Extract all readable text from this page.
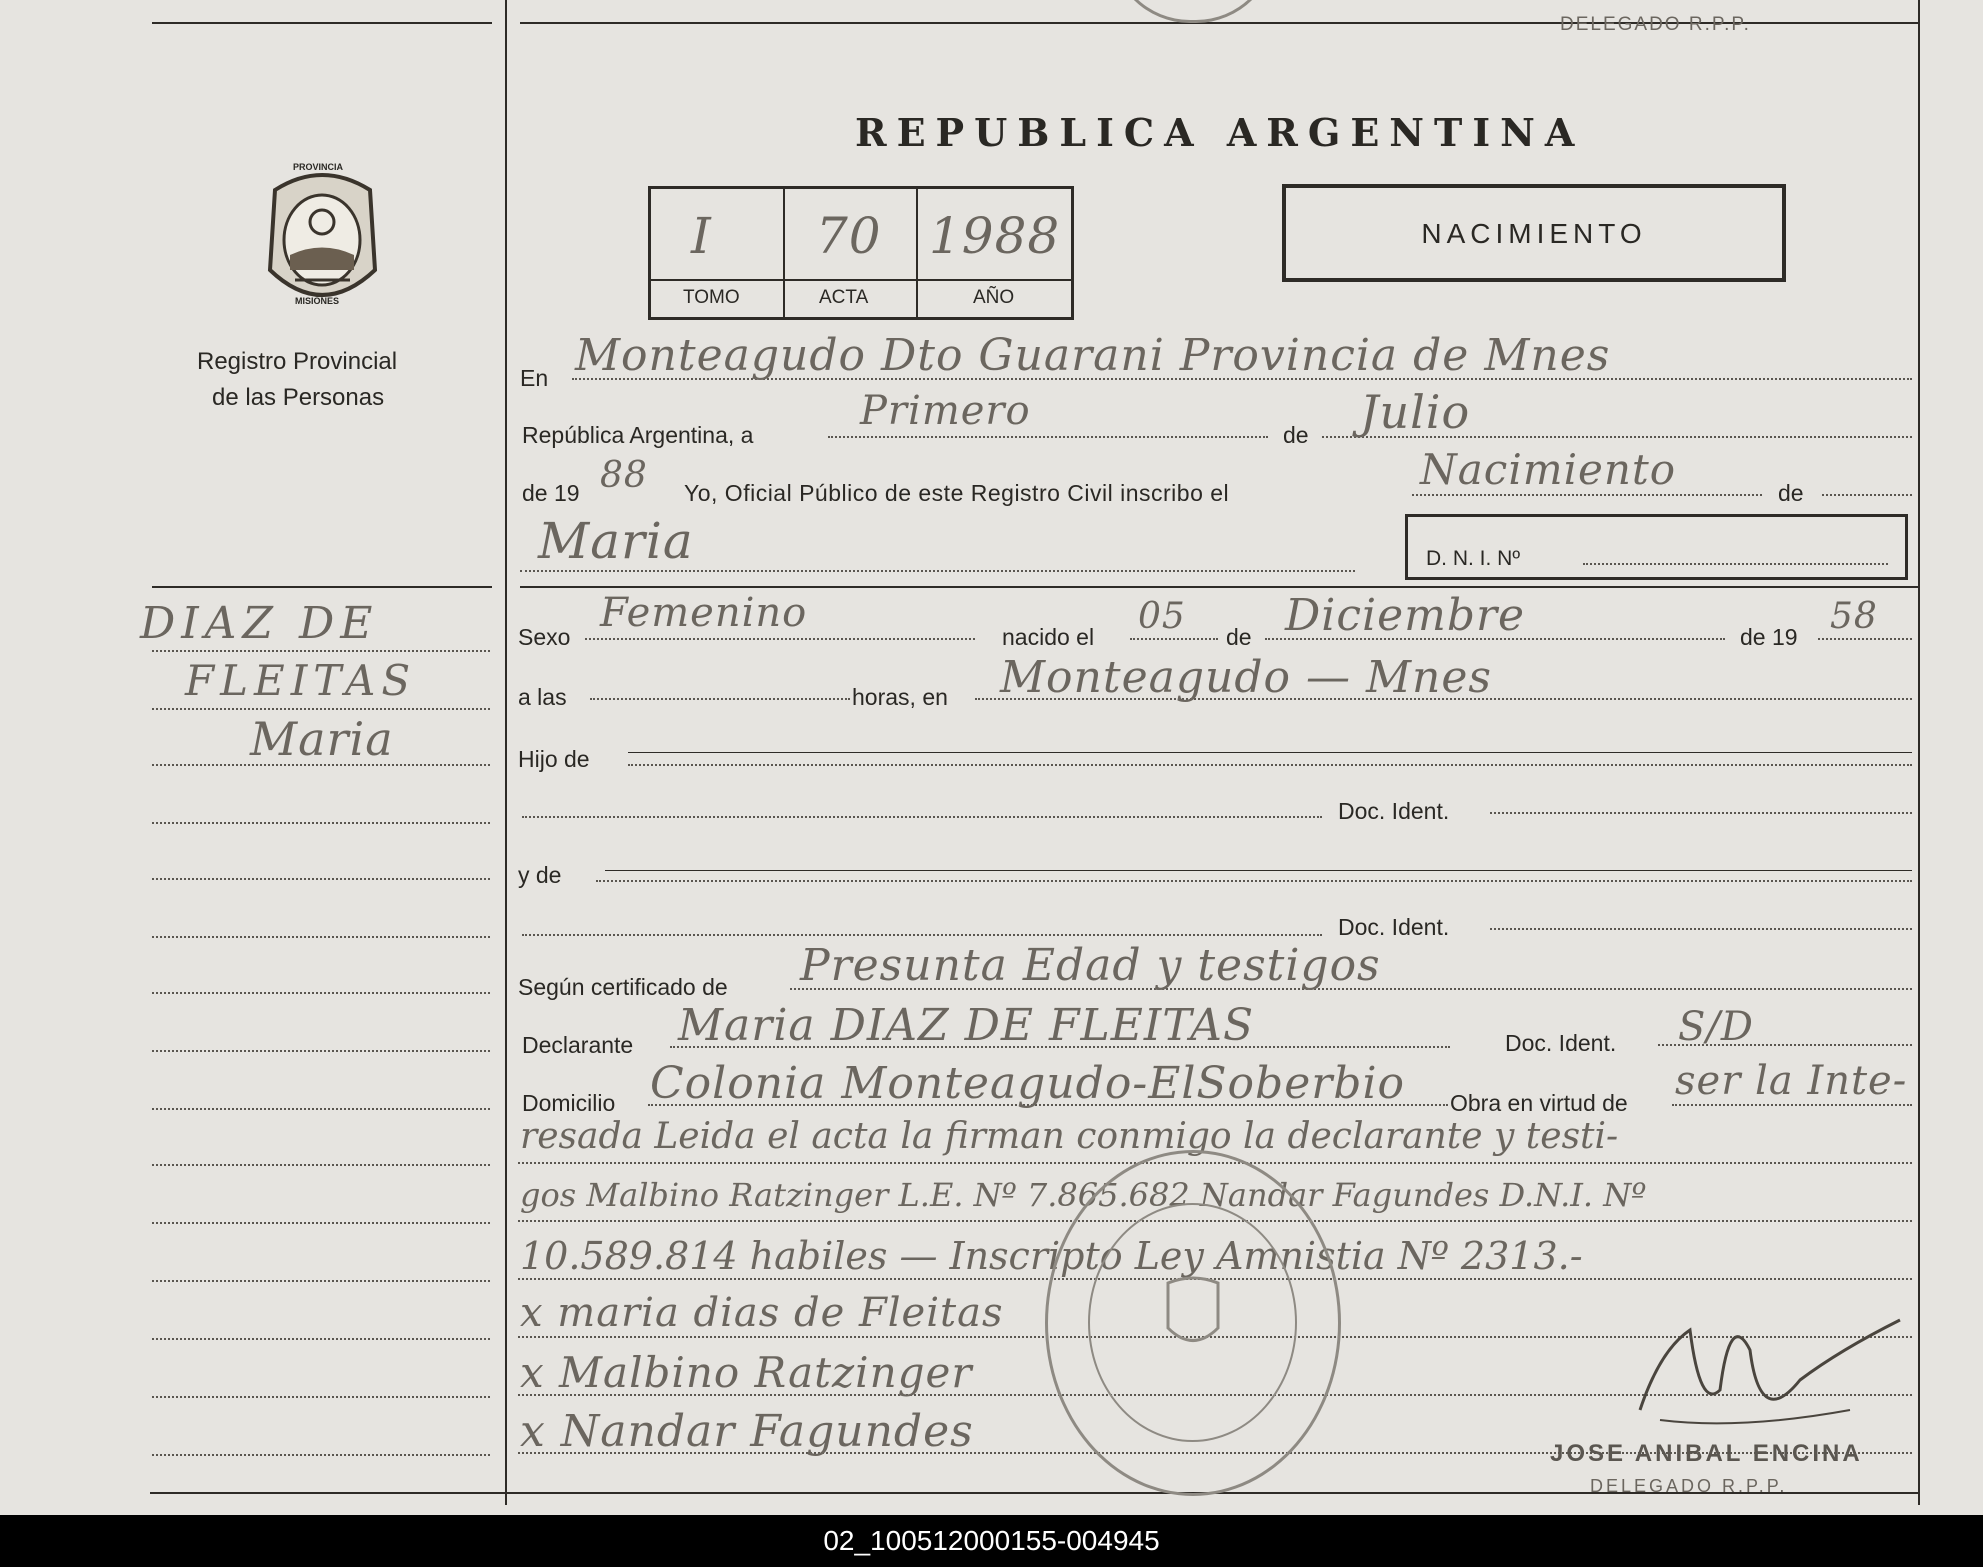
DELEGADO R.P.P.
PROVINCIA
MISIONES
Registro Provincial
de las Personas
REPUBLICA ARGENTINA
I 70 1988
TOMO	ACTA	AÑO
NACIMIENTO
En Monteagudo Dto Guarani Provincia de Mnes
República Argentina, a
Primero
de Julio
de 19 88 Yo, Oficial Público de este Registro Civil inscribo el	Nacimiento	de
Maria	D. N. I. Nº
Sexo
Femenino
nacido el 05 de Diciembre	de 19 58
a las	horas, en Monteagudo — Mnes
Hijo de
Doc. Ident.
y de
Doc. Ident.
Según certificado de Presunta Edad y testigos
Declarante Maria DIAZ DE FLEITAS	Doc. Ident. S/D
Domicilio Colonia Monteagudo-ElSoberbio Obra en virtud de ser la Inte-
resada Leida el acta la firman conmigo la declarante y testi-
gos Malbino Ratzinger L.E. Nº 7.865.682 Nandar Fagundes D.N.I. Nº
10.589.814 habiles — Inscripto Ley Amnistia Nº 2313.-
x maria dias de Fleitas
x Malbino Ratzinger
x Nandar Fagundes	JOSE ANIBAL ENCINA
DELEGADO R.P.P.
DIAZ DE
FLEITAS
Maria
02_100512000155-004945
